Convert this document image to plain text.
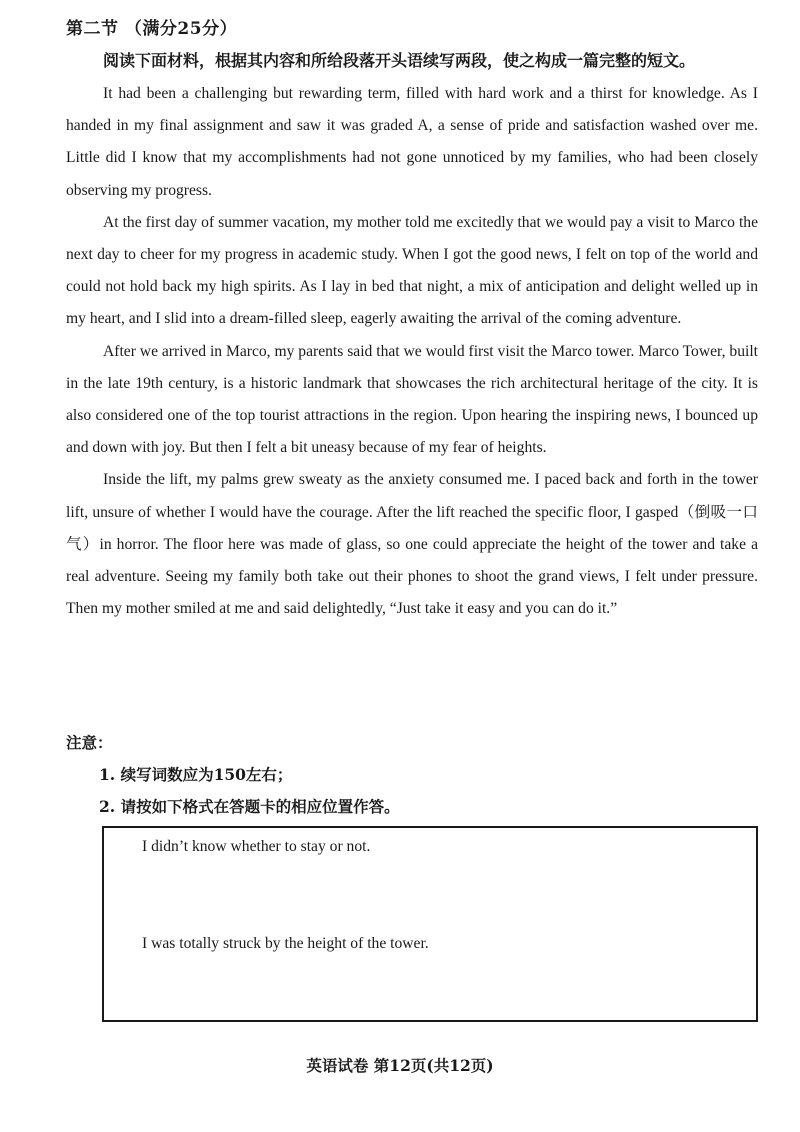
第二节 （满分25分）
阅读下面材料，根据其内容和所给段落开头语续写两段，使之构成一篇完整的短文。

It had been a challenging but rewarding term, filled with hard work and a thirst for knowledge. As I handed in my final assignment and saw it was graded A, a sense of pride and satisfaction washed over me. Little did I know that my accomplishments had not gone unnoticed by my families, who had been closely observing my progress.

At the first day of summer vacation, my mother told me excitedly that we would pay a visit to Marco the next day to cheer for my progress in academic study. When I got the good news, I felt on top of the world and could not hold back my high spirits. As I lay in bed that night, a mix of anticipation and delight welled up in my heart, and I slid into a dream-filled sleep, eagerly awaiting the arrival of the coming adventure.

After we arrived in Marco, my parents said that we would first visit the Marco tower. Marco Tower, built in the late 19th century, is a historic landmark that showcases the rich architectural heritage of the city. It is also considered one of the top tourist attractions in the region. Upon hearing the inspiring news, I bounced up and down with joy. But then I felt a bit uneasy because of my fear of heights.

Inside the lift, my palms grew sweaty as the anxiety consumed me. I paced back and forth in the tower lift, unsure of whether I would have the courage. After the lift reached the specific floor, I gasped（倒吸一口气）in horror. The floor here was made of glass, so one could appreciate the height of the tower and take a real adventure. Seeing my family both take out their phones to shoot the grand views, I felt under pressure. Then my mother smiled at me and said delightedly, “Just take it easy and you can do it.”

注意：
1. 续写词数应为150左右；
2. 请按如下格式在答题卡的相应位置作答。
I didn’t know whether to stay or not.
I was totally struck by the height of the tower.
英语试卷 第12页(共12页)
